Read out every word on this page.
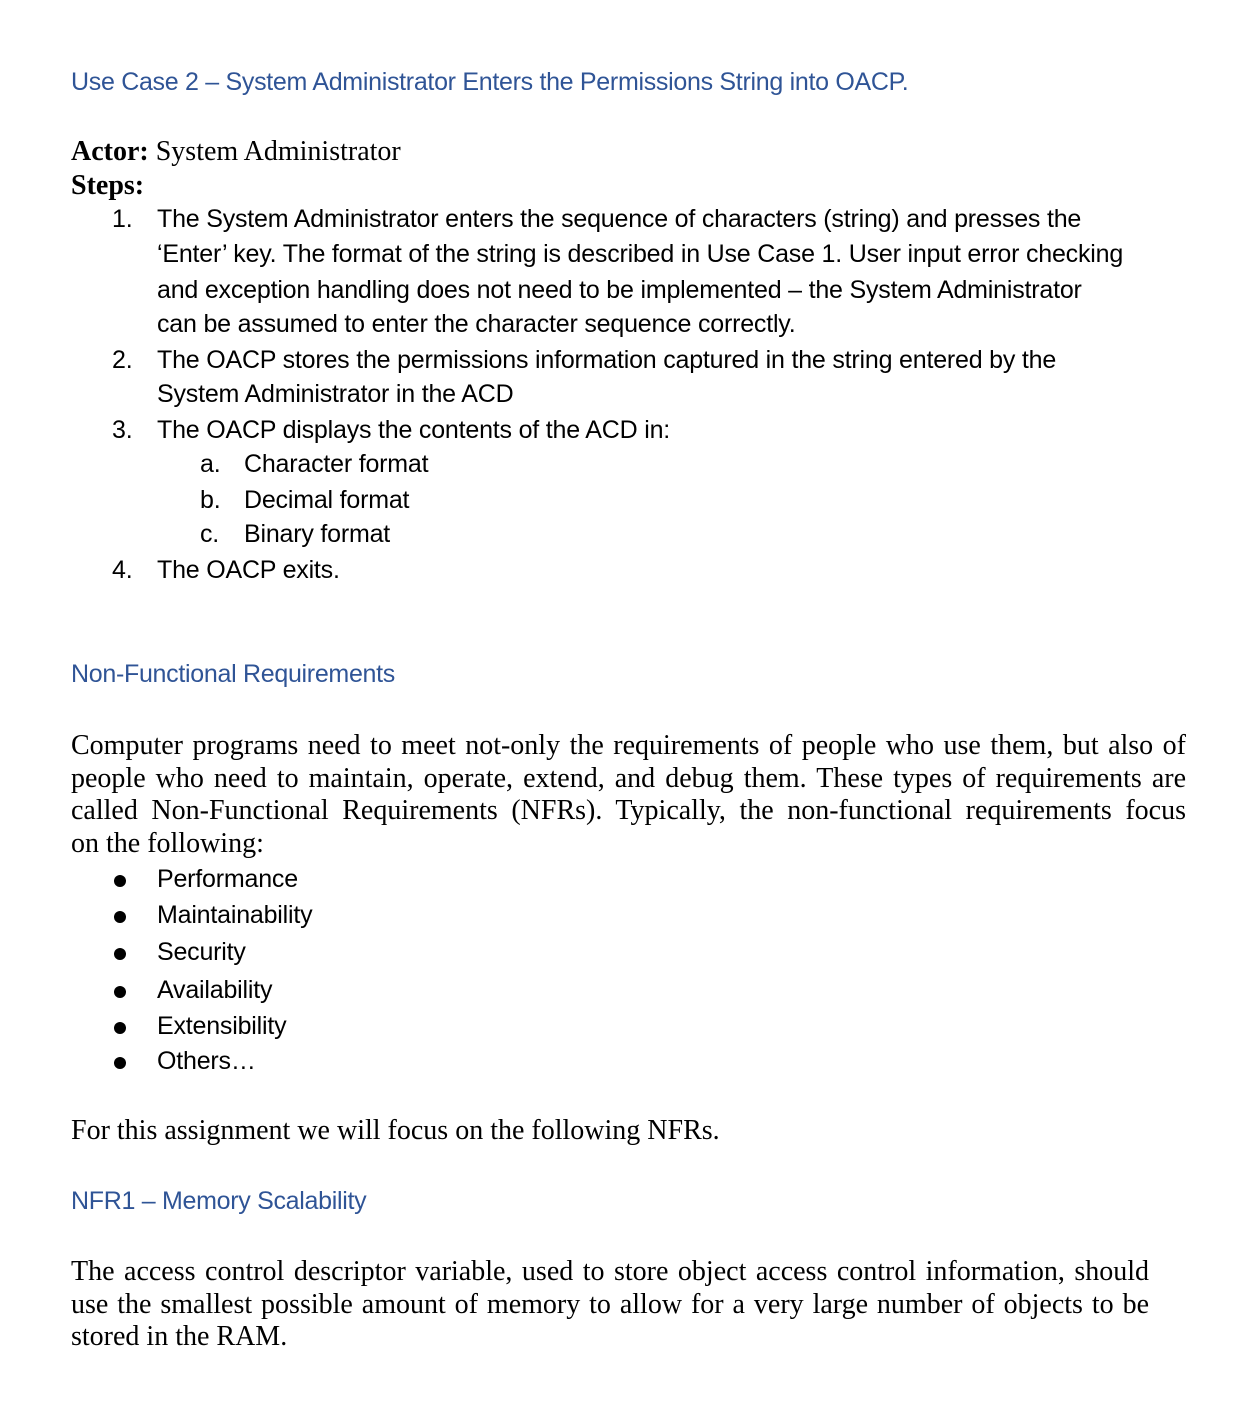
Use Case 2 – System Administrator Enters the Permissions String into OACP.
Actor: System Administrator
Steps:
1. The System Administrator enters the sequence of characters (string) and presses the
‘Enter’ key. The format of the string is described in Use Case 1. User input error checking
and exception handling does not need to be implemented – the System Administrator
can be assumed to enter the character sequence correctly.
2. The OACP stores the permissions information captured in the string entered by the
System Administrator in the ACD
3. The OACP displays the contents of the ACD in:
a. Character format
b. Decimal format
c. Binary format
4. The OACP exits.
Non-Functional Requirements
Computer programs need to meet not-only the requirements of people who use them, but also of
people who need to maintain, operate, extend, and debug them. These types of requirements are
called Non-Functional Requirements (NFRs). Typically, the non-functional requirements focus
on the following:
Performance
Maintainability
Security
Availability
Extensibility
Others…
For this assignment we will focus on the following NFRs.
NFR1 – Memory Scalability
The access control descriptor variable, used to store object access control information, should
use the smallest possible amount of memory to allow for a very large number of objects to be
stored in the RAM.
